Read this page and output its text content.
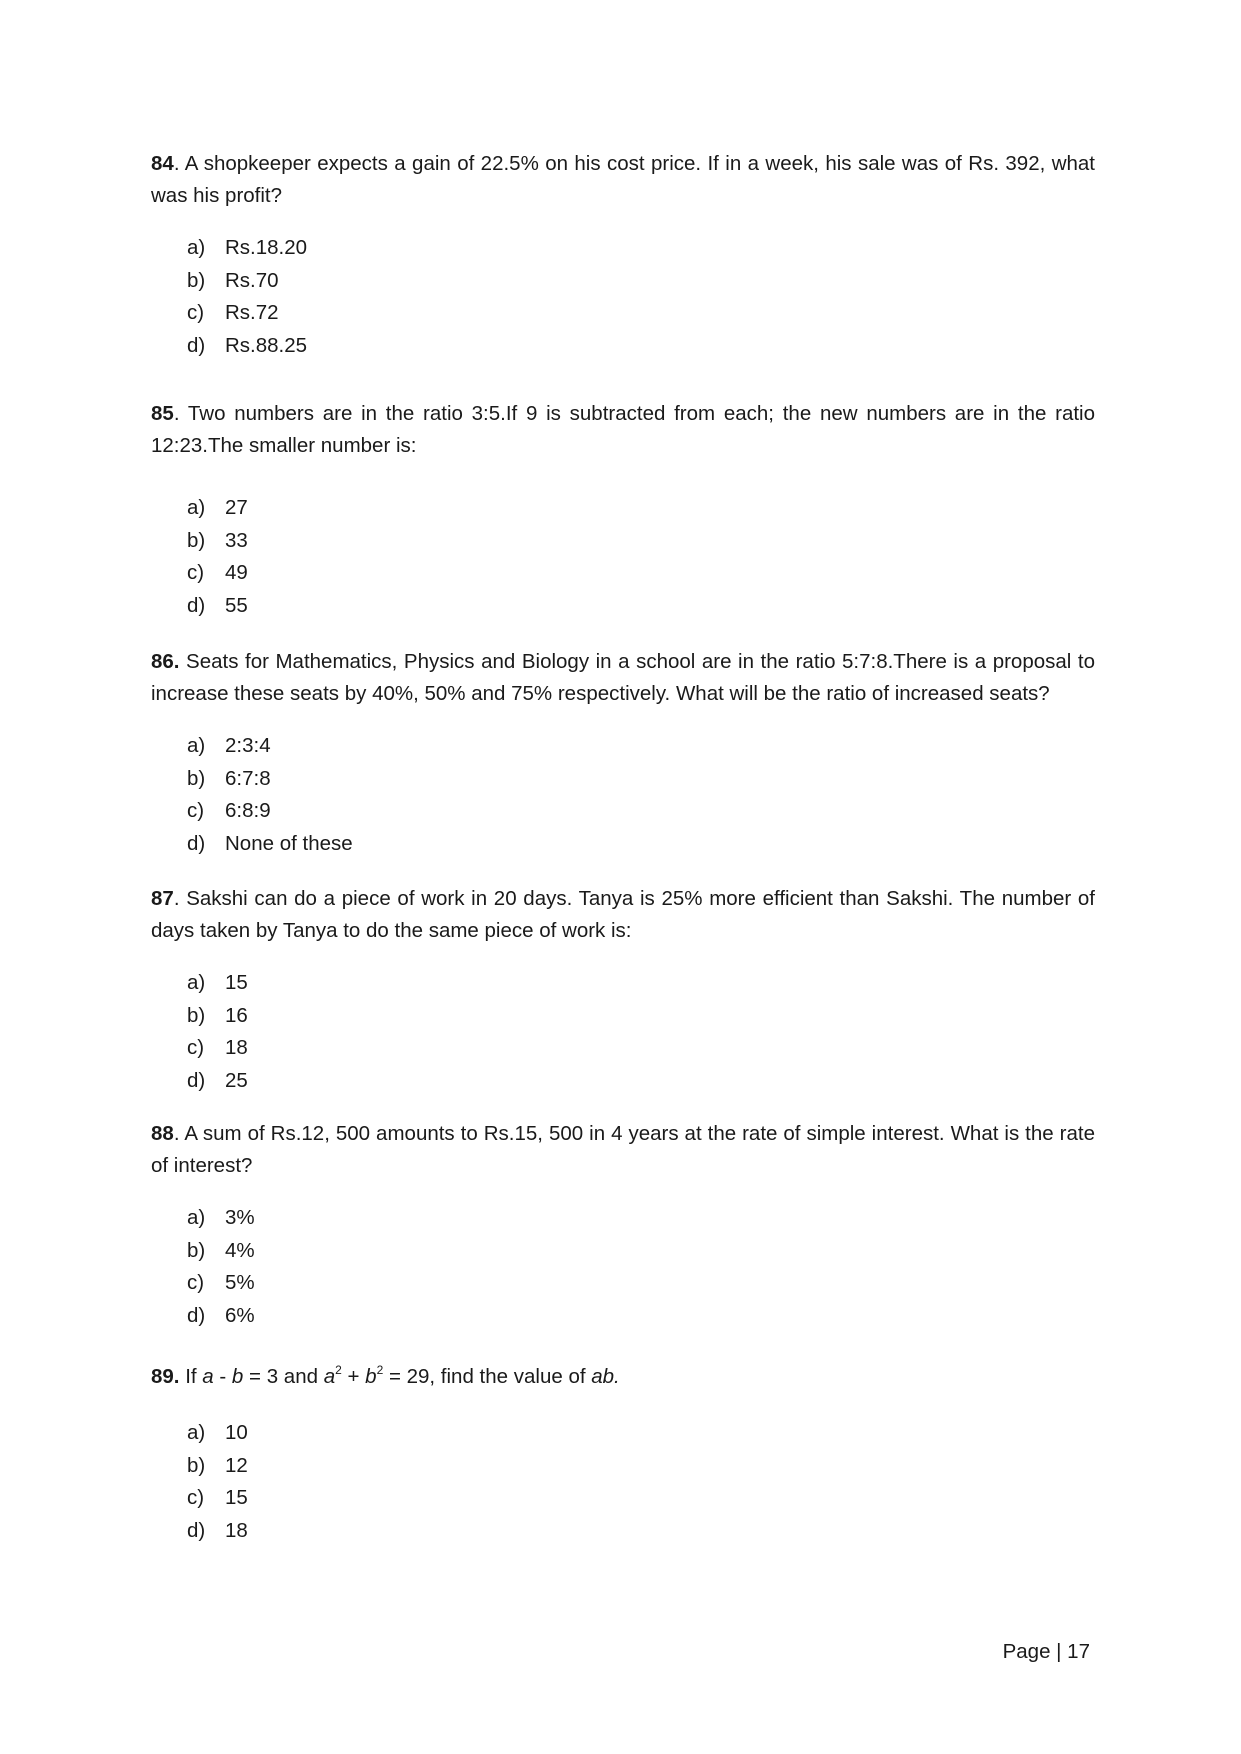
84. A shopkeeper expects a gain of 22.5% on his cost price. If in a week, his sale was of Rs. 392, what was his profit?

a) Rs.18.20
b) Rs.70
c)	Rs.72
d) Rs.88.25

85. Two numbers are in the ratio 3:5.If 9 is subtracted from each; the new numbers are in the ratio 12:23.The smaller number is:

a) 27
b) 33
c)	49
d) 55

86. Seats for Mathematics, Physics and Biology in a school are in the ratio 5:7:8.There is a proposal to increase these seats by 40%, 50% and 75% respectively. What will be the ratio of increased seats?

a) 2:3:4
b) 6:7:8
c)	6:8:9
d) None of these

87. Sakshi can do a piece of work in 20 days. Tanya is 25% more efficient than Sakshi. The number of days taken by Tanya to do the same piece of work is:

a) 15
b) 16
c)	18
d) 25

88. A sum of Rs.12, 500 amounts to Rs.15, 500 in 4 years at the rate of simple interest. What is the rate of interest?

a) 3%
b) 4%
c)	5%
d) 6%

89. If a - b = 3 and $a^2 + b^2 = 29$, find the value of ab.

a) 10
b) 12
c)	15
d) 18
Page | 17
